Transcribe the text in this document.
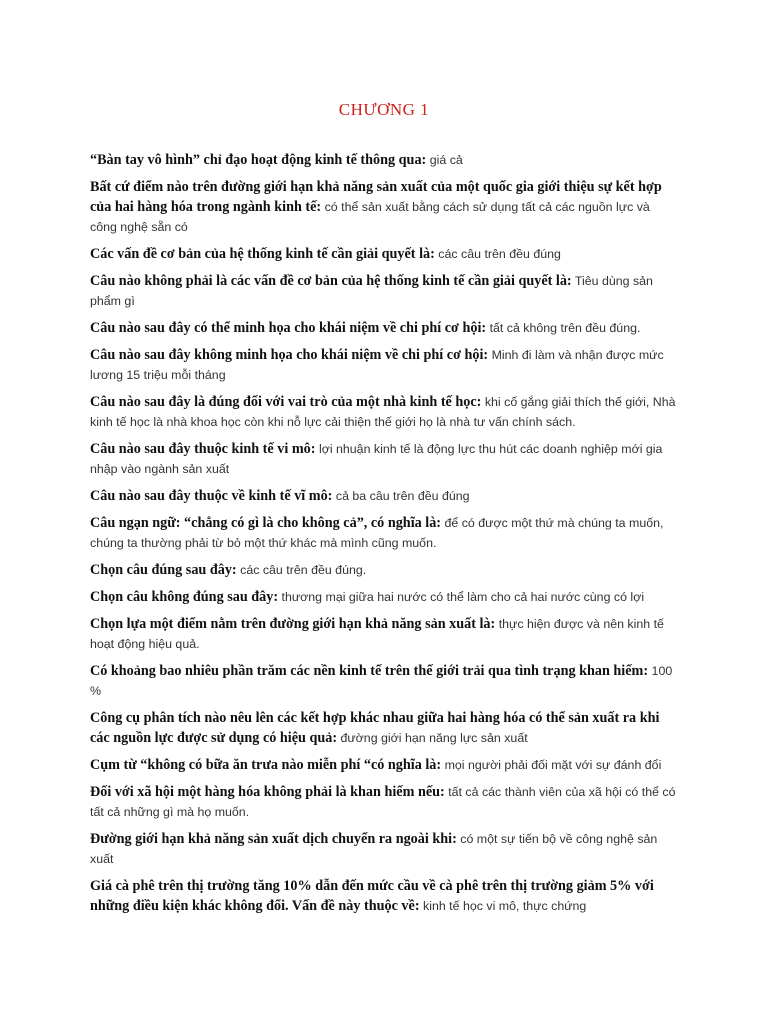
CHƯƠNG 1
“Bàn tay vô hình” chỉ đạo hoạt động kinh tế thông qua: giá cả
Bất cứ điểm nào trên đường giới hạn khả năng sản xuất của một quốc gia giới thiệu sự kết hợp của hai hàng hóa trong ngành kinh tế: có thể sản xuất bằng cách sử dụng tất cả các nguồn lực và công nghệ sẵn có
Các vấn đề cơ bản của hệ thống kinh tế cần giải quyết là: các câu trên đều đúng
Câu nào không phải là các vấn đề cơ bản của hệ thống kinh tế cần giải quyết là: Tiêu dùng sản phẩm gì
Câu nào sau đây có thể minh họa cho khái niệm về chi phí cơ hội: tất cả không trên đều đúng.
Câu nào sau đây không minh họa cho khái niệm về chi phí cơ hội: Minh đi làm và nhận được mức lương 15 triệu mỗi tháng
Câu nào sau đây là đúng đối với vai trò của một nhà kinh tế học: khi cố gắng giải thích thế giới, Nhà kinh tế học là nhà khoa học còn khi nỗ lực cải thiện thế giới họ là nhà tư vấn chính sách.
Câu nào sau đây thuộc kinh tế vi mô: lợi nhuận kinh tế là động lực thu hút các doanh nghiệp mới gia nhập vào ngành sản xuất
Câu nào sau đây thuộc về kinh tế vĩ mô: cả ba câu trên đều đúng
Câu ngạn ngữ: “chẳng có gì là cho không cả”, có nghĩa là: để có được một thứ mà chúng ta muốn, chúng ta thường phải từ bỏ một thứ khác mà mình cũng muốn.
Chọn câu đúng sau đây: các câu trên đều đúng.
Chọn câu không đúng sau đây: thương mại giữa hai nước có thể làm cho cả hai nước cùng có lợi
Chọn lựa một điểm nằm trên đường giới hạn khả năng sản xuất là: thực hiện được và nên kinh tế hoạt động hiệu quả.
Có khoảng bao nhiêu phần trăm các nền kinh tế trên thế giới trải qua tình trạng khan hiếm: 100 %
Công cụ phân tích nào nêu lên các kết hợp khác nhau giữa hai hàng hóa có thể sản xuất ra khi các nguồn lực được sử dụng có hiệu quả: đường giới hạn năng lực sản xuất
Cụm từ “không có bữa ăn trưa nào miễn phí “có nghĩa là: mọi người phải đối mặt với sự đánh đổi
Đối với xã hội một hàng hóa không phải là khan hiếm nếu: tất cả các thành viên của xã hội có thể có tất cả những gì mà họ muốn.
Đường giới hạn khả năng sản xuất dịch chuyển ra ngoài khi: có một sự tiến bộ về công nghệ sản xuất
Giá cà phê trên thị trường tăng 10% dẫn đến mức cầu về cà phê trên thị trường giảm 5% với những điều kiện khác không đổi. Vấn đề này thuộc về: kinh tế học vi mô, thực chứng
